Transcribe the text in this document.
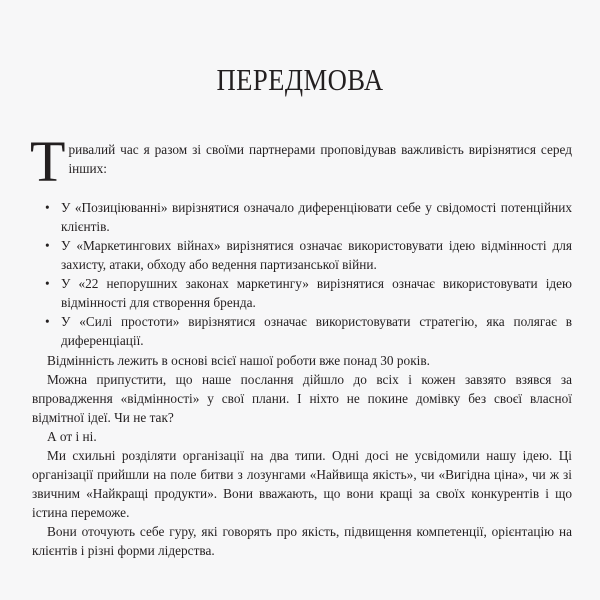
ПЕРЕДМОВА
Т ривалий час я разом зі своїми партнерами проповідував важливість вирізнятися серед інших:

• У «Позиціюванні» вирізнятися означало диференціювати себе у свідомості потенційних клієнтів.
• У «Маркетингових війнах» вирізнятися означає використовувати ідею відмінності для захисту, атаки, обходу або ведення партизанської війни.
• У «22 непорушних законах маркетингу» вирізнятися означає використовувати ідею відмінності для створення бренда.
• У «Силі простоти» вирізнятися означає використовувати стратегію, яка полягає в диференціації.

Відмінність лежить в основі всієї нашої роботи вже понад 30 років.

Можна припустити, що наше послання дійшло до всіх і кожен завзято взявся за впровадження «відмінності» у свої плани. І ніхто не покине домівку без своєї власної відмітної ідеї. Чи не так?

А от і ні.

Ми схильні розділяти організації на два типи. Одні досі не усвідомили нашу ідею. Ці організації прийшли на поле битви з лозунгами «Найвища якість», чи «Вигідна ціна», чи ж зі звичним «Найкращі продукти». Вони вважають, що вони кращі за своїх конкурентів і що істина переможе.

Вони оточують себе гуру, які говорять про якість, підвищення компетенції, орієнтацію на клієнтів і різні форми лідерства.
